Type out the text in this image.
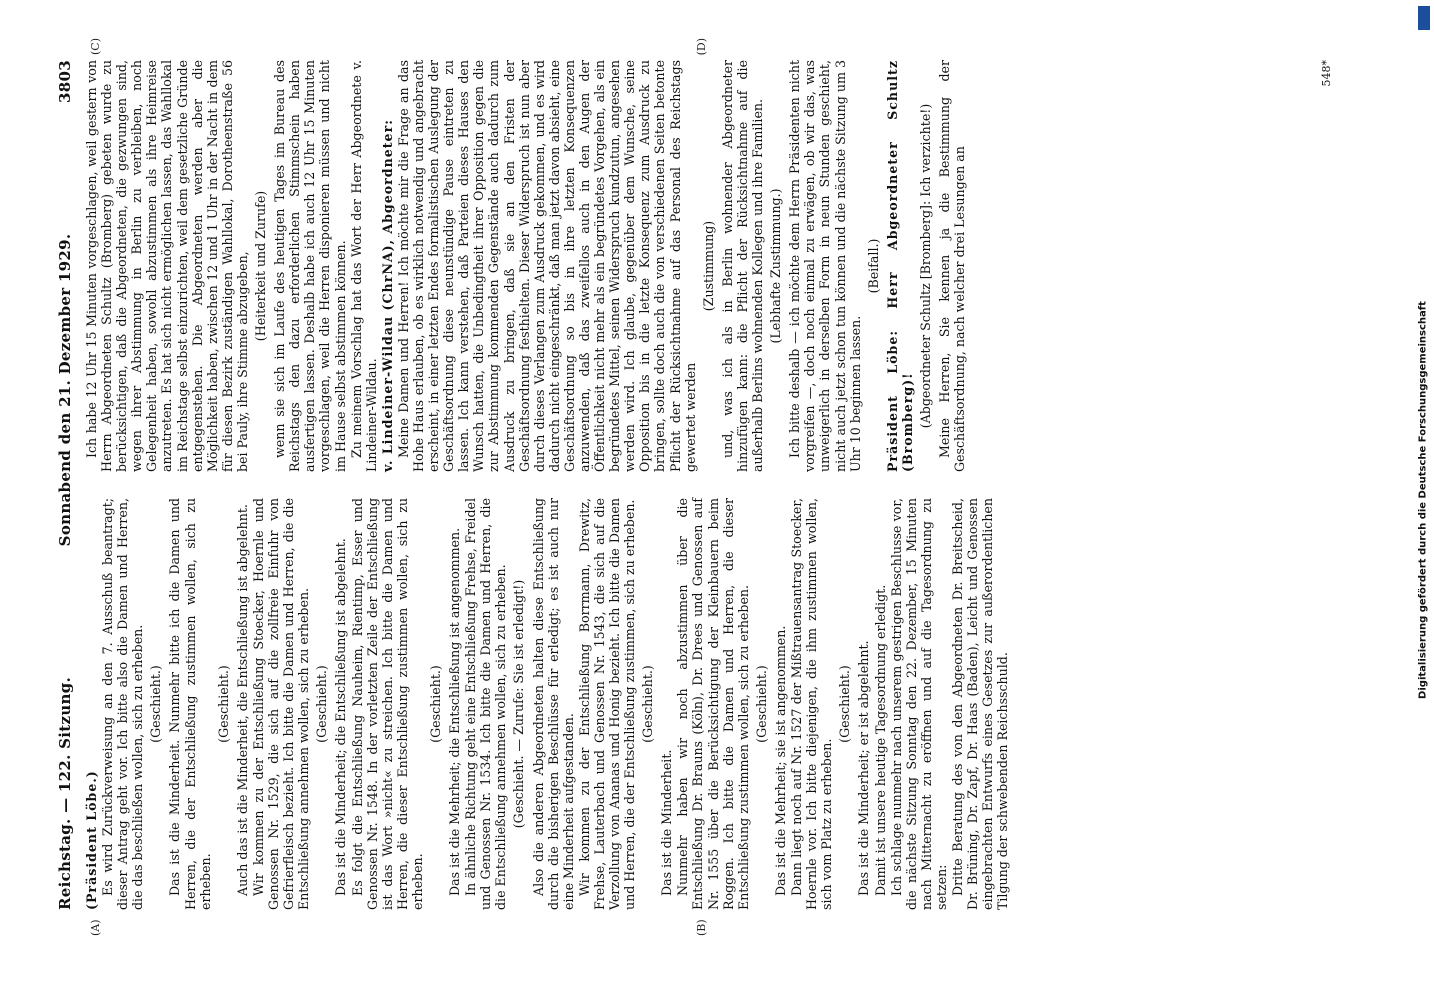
Reichstag. — 122. Sitzung.
Sonnabend den 21. Dezember 1929.
3803
(A)	(B)

(Präsident Löbe.) Es wird Zurückverweisung an den 7. Ausschuß beantragt; dieser Antrag geht vor. Ich bitte also die Damen und Herren, die das beschließen wollen, sich zu erheben. (Geschieht.) Das ist die Minderheit. Nunmehr bitte ich die Damen und Herren, die der Entschließung zustimmen wollen, sich zu erheben.

(Geschieht.) Auch das ist die Minderheit, die Entschließung ist abgelehnt. Wir kommen zu der Entschließung Stoecker, Hoernle und Genossen Nr. 1529, die sich auf die zollfreie Einfuhr von Gefrierfleisch bezieht. Ich bitte die Damen und Herren, die die Entschließung annehmen wollen, sich zu erheben. (Geschieht.) Das ist die Minderheit; die Entschließung ist abgelehnt. Es folgt die Entschließung Nauheim, Rientimp, Esser und Genossen Nr. 1548. In der vorletzten Zeile der Entschließung ist das Wort »nicht« zu streichen. Ich bitte die Damen und Herren, die dieser Entschließung zustimmen wollen, sich zu erheben.

(Geschieht.) Das ist die Mehrheit; die Entschließung ist angenommen. In ähnliche Richtung geht eine Entschließung Frehse, Freidel und Genossen Nr. 1534. Ich bitte die Damen und Herren, die die Entschließung annehmen wollen, sich zu erheben. (Geschieht. — Zurufe: Sie ist erledigt!) Also die anderen Abgeordneten halten diese Entschließung durch die bisherigen Beschlüsse für erledigt; es ist auch nur eine Minderheit aufgestanden. Wir kommen zu der Entschließung Borrmann, Drewitz, Frehse, Lauterbach und Genossen Nr. 1543, die sich auf die Verzollung von Ananas und Honig bezieht. Ich bitte die Damen und Herren, die der Entschließung zustimmen, sich zu erheben. (Geschieht.)

Das ist die Minderheit. Nunmehr haben wir noch abzustimmen über die Entschließung Dr. Brauns (Köln), Dr. Drees und Genossen auf Nr. 1555 über die Berücksichtigung der Kleinbauern beim Roggen. Ich bitte die Damen und Herren, die dieser Entschließung zustimmen wollen, sich zu erheben. (Geschieht.) Das ist die Mehrheit; sie ist angenommen. Dann liegt noch auf Nr. 1527 der Mißtrauensantrag Stoecker, Hoernle vor. Ich bitte diejenigen, die ihm zustimmen wollen, sich vom Platz zu erheben.

(Geschieht.) Das ist die Minderheit; er ist abgelehnt. Damit ist unsere heutige Tagesordnung erledigt. Ich schlage nunmehr nach unserem gestrigen Beschlusse vor, die nächste Sitzung Sonntag den 22. Dezember, 15 Minuten nach Mitternacht zu eröffnen und auf die Tagesordnung zu setzen: Dritte Beratung des von den Abgeordneten Dr. Breitscheid, Dr. Brüning, Dr. Zapf, Dr. Haas (Baden), Leicht und Genossen eingebrachten Entwurfs eines Gesetzes zur außerordentlichen Tilgung der schwebenden Reichsschuld.

(C)	(D)

Ich habe 12 Uhr 15 Minuten vorgeschlagen, weil gestern von Herrn Abgeordneten Schultz (Bromberg) gebeten wurde zu berücksichtigen, daß die Abgeordneten, die gezwungen sind, wegen ihrer Abstimmung in Berlin zu verbleiben, noch Gelegenheit haben, sowohl abzustimmen als ihre Heimreise anzutreten. Es hat sich nicht ermöglichen lassen, das Wahllokal im Reichstage selbst einzurichten, weil dem gesetzliche Gründe entgegenstehen. Die Abgeordneten werden aber die Möglichkeit haben, zwischen 12 und 1 Uhr in der Nacht in dem für diesen Bezirk zuständigen Wahllokal, Dorotheenstraße 56 bei Pauly, ihre Stimme abzugeben, (Heiterkeit und Zurufe) wenn sie sich im Laufe des heutigen Tages im Bureau des Reichstags den dazu erforderlichen Stimmschein haben ausfertigen lassen. Deshalb habe ich auch 12 Uhr 15 Minuten vorgeschlagen, weil die Herren disponieren müssen und nicht im Hause selbst abstimmen können. Zu meinem Vorschlag hat das Wort der Herr Abgeordnete v. Lindeiner-Wildau. v. Lindeiner-Wildau (ChrNA), Abgeordneter: Meine Damen und Herren! Ich möchte mir die Frage an das Hohe Haus erlauben, ob es wirklich notwendig und angebracht erscheint, in einer letzten Endes formalistischen Auslegung der Geschäftsordnung diese neunstündige Pause eintreten zu lassen. Ich kann verstehen, daß Parteien dieses Hauses den Wunsch hatten, die Unbedingtheit ihrer Opposition gegen die zur Abstimmung kommenden Gegenstände auch dadurch zum Ausdruck zu bringen, daß sie an den Fristen der Geschäftsordnung festhielten. Dieser Widerspruch ist nun aber durch dieses Verlangen zum Ausdruck gekommen, und es wird dadurch nicht eingeschränkt, daß man jetzt davon absieht, eine Geschäftsordnung so bis in ihre letzten Konsequenzen anzuwenden, daß das zweifellos auch in den Augen der Öffentlichkeit nicht mehr als ein begründetes Vorgehen, als ein begründetes Mittel, seinen Widerspruch kundzutun, angesehen werden wird. Ich glaube, gegenüber dem Wunsche, seine Opposition bis in die letzte Konsequenz zum Ausdruck zu bringen, sollte doch auch die von verschiedenen Seiten betonte Pflicht der Rücksichtnahme auf das Personal des Reichstags gewertet werden

(Zustimmung) und, was ich als in Berlin wohnender Abgeordneter hinzufügen kann: die Pflicht der Rücksichtnahme auf die außerhalb Berlins wohnenden Kollegen und ihre Familien. (Lebhafte Zustimmung.) Ich bitte deshalb — ich möchte dem Herrn Präsidenten nicht vorgreifen —, doch noch einmal zu erwägen, ob wir das, was unweigerlich in derselben Form in neun Stunden geschieht, nicht auch jetzt schon tun können und die nächste Sitzung um 3 Uhr 10 beginnen lassen.

(Beifall.) Präsident Löbe: Herr Abgeordneter Schultz (Bromberg)! (Abgeordneter Schultz [Bromberg]: Ich verzichte!) Meine Herren, Sie kennen ja die Bestimmung der Geschäftsordnung, nach welcher drei Lesungen an

548*
Digitalisierung gefördert durch die Deutsche Forschungsgemeinschaft
